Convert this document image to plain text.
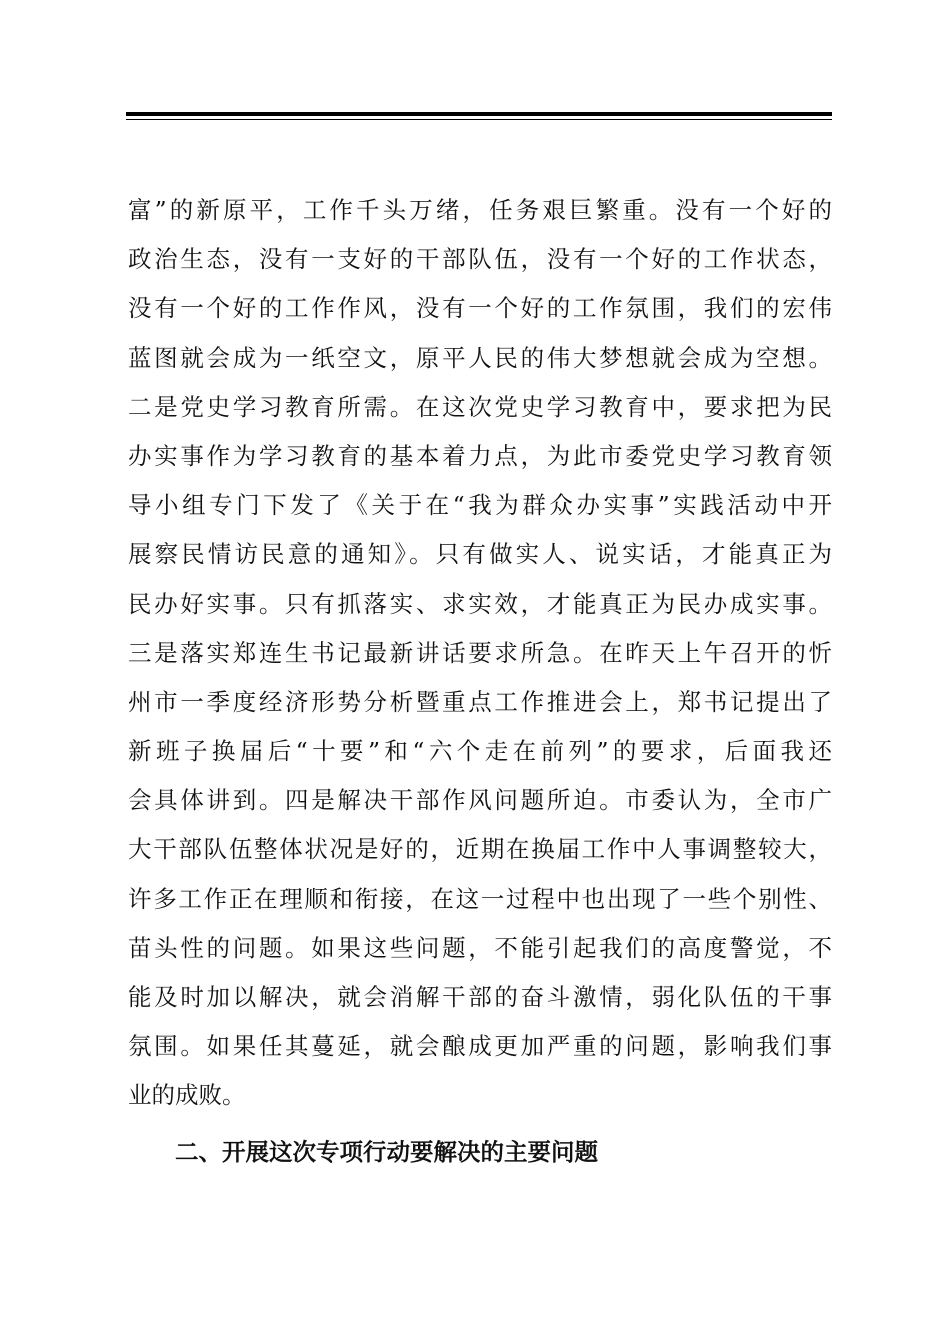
富”的新原平，工作千头万绪，任务艰巨繁重。没有一个好的
政治生态，没有一支好的干部队伍，没有一个好的工作状态，
没有一个好的工作作风，没有一个好的工作氛围，我们的宏伟
蓝图就会成为一纸空文，原平人民的伟大梦想就会成为空想。
二是党史学习教育所需。在这次党史学习教育中，要求把为民
办实事作为学习教育的基本着力点，为此市委党史学习教育领
导小组专门下发了《关于在“我为群众办实事”实践活动中开
展察民情访民意的通知》。只有做实人、说实话，才能真正为
民办好实事。只有抓落实、求实效，才能真正为民办成实事。
三是落实郑连生书记最新讲话要求所急。在昨天上午召开的忻
州市一季度经济形势分析暨重点工作推进会上，郑书记提出了
新班子换届后“十要”和“六个走在前列”的要求，后面我还
会具体讲到。四是解决干部作风问题所迫。市委认为，全市广
大干部队伍整体状况是好的，近期在换届工作中人事调整较大，
许多工作正在理顺和衔接，在这一过程中也出现了一些个别性、
苗头性的问题。如果这些问题，不能引起我们的高度警觉，不
能及时加以解决，就会消解干部的奋斗激情，弱化队伍的干事
氛围。如果任其蔓延，就会酿成更加严重的问题，影响我们事
业的成败。
二、开展这次专项行动要解决的主要问题
